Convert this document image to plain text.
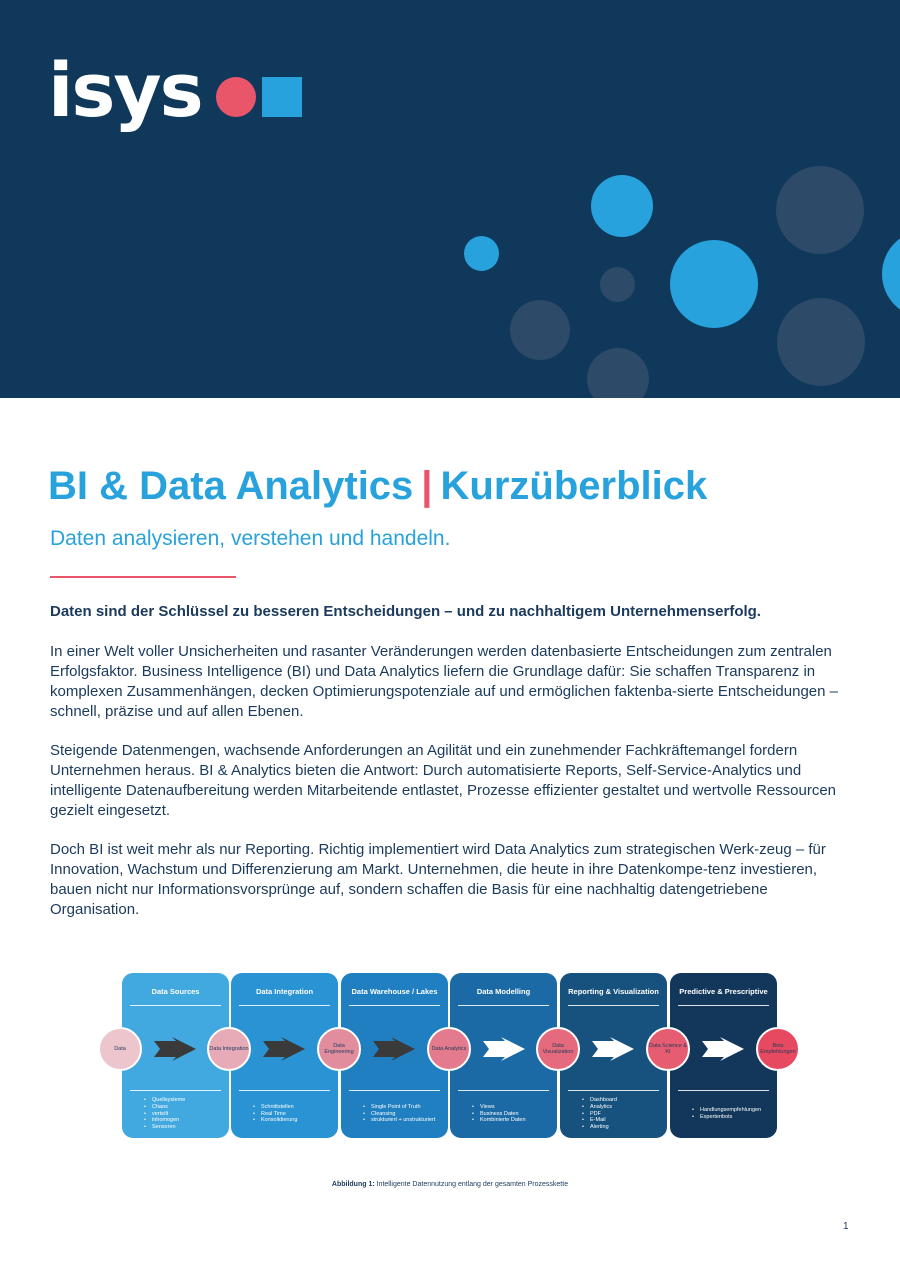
isys
BI & Data Analytics | Kurzüberblick
Daten analysieren, verstehen und handeln.

Daten sind der Schlüssel zu besseren Entscheidungen – und zu nachhaltigem Unternehmenserfolg.

In einer Welt voller Unsicherheiten und rasanter Veränderungen werden datenbasierte Entscheidungen zum zentralen Erfolgsfaktor. Business Intelligence (BI) und Data Analytics liefern die Grundlage dafür: Sie schaffen Transparenz in komplexen Zusammenhängen, decken Optimierungspotenziale auf und ermöglichen faktenba-sierte Entscheidungen – schnell, präzise und auf allen Ebenen.

Steigende Datenmengen, wachsende Anforderungen an Agilität und ein zunehmender Fachkräftemangel fordern Unternehmen heraus. BI & Analytics bieten die Antwort: Durch automatisierte Reports, Self-Service-Analytics und intelligente Datenaufbereitung werden Mitarbeitende entlastet, Prozesse effizienter gestaltet und wertvolle Ressourcen gezielt eingesetzt.

Doch BI ist weit mehr als nur Reporting. Richtig implementiert wird Data Analytics zum strategischen Werk-zeug – für Innovation, Wachstum und Differenzierung am Markt. Unternehmen, die heute in ihre Datenkompe-tenz investieren, bauen nicht nur Informationsvorsprünge auf, sondern schaffen die Basis für eine nachhaltig datengetriebene Organisation.

Data Sources
• Quellsysteme
• Chaos
• verteilt
• inhomogen
• Sensoren
Data Integration
• Schnittstellen
• Real Time
• Konsolidierung
Data Warehouse / Lakes
• Single Point of Truth
• Cleansing
• strukturiert + unstrukturiert
Data Modelling
• Views
• Business Daten
• Kombinierte Daten
Reporting & Visualization
• Dashboard
• Analytics
• PDF
• E-Mail
• Alerting
Predictive & Prescriptive
• Handlungsempfehlungen
• Expertenbots
Data	Data Integration
Data Engineering
Data Analytics
Data Visualization
Data Science & KI
Bots Empfehlungen
Abbildung 1: Intelligente Datennutzung entlang der gesamten Prozesskette
1
